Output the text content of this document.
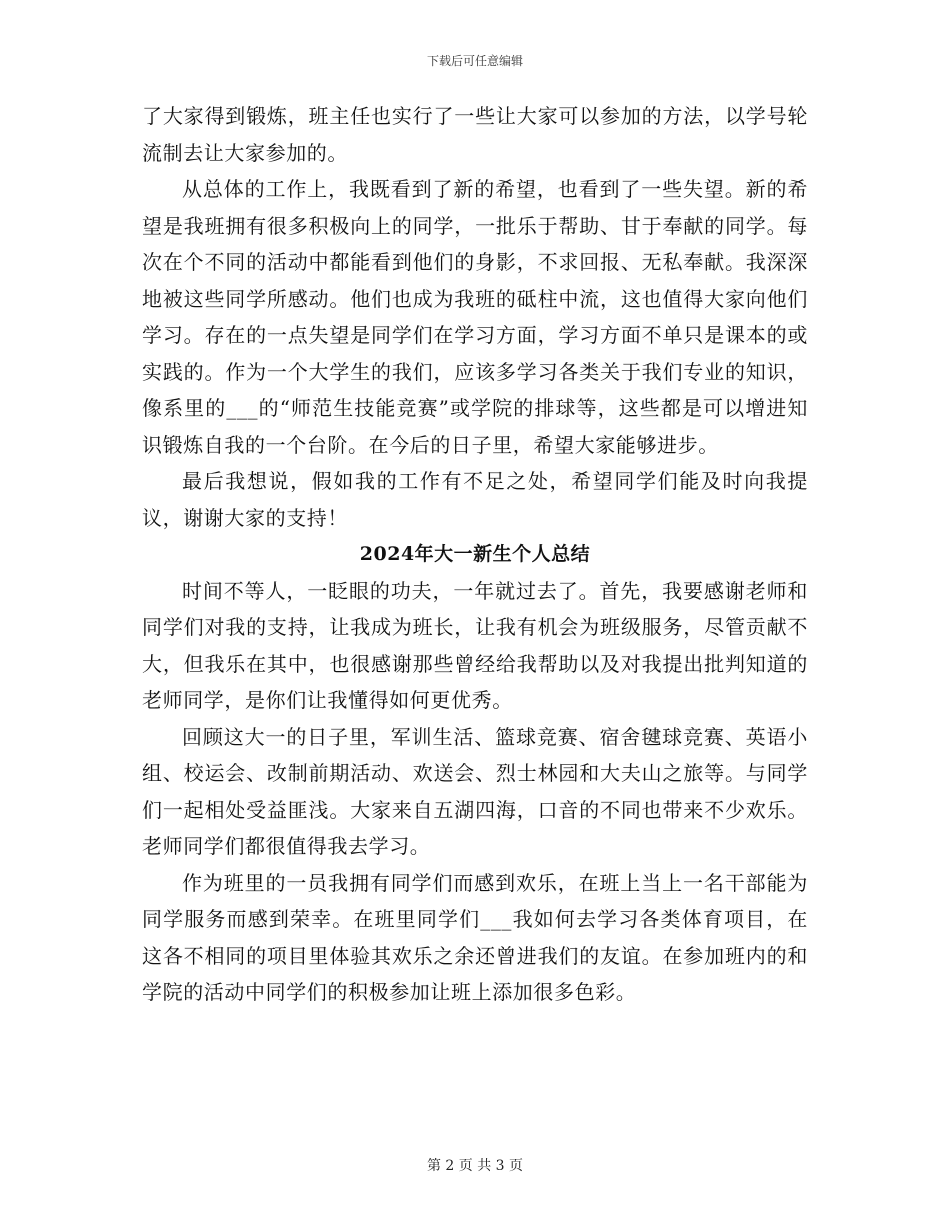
下载后可任意编辑

了大家得到锻炼，班主任也实行了一些让大家可以参加的方法，以学号轮流制去让大家参加的。

从总体的工作上，我既看到了新的希望，也看到了一些失望。新的希望是我班拥有很多积极向上的同学，一批乐于帮助、甘于奉献的同学。每次在个不同的活动中都能看到他们的身影，不求回报、无私奉献。我深深地被这些同学所感动。他们也成为我班的砥柱中流，这也值得大家向他们学习。存在的一点失望是同学们在学习方面，学习方面不单只是课本的或实践的。作为一个大学生的我们，应该多学习各类关于我们专业的知识，像系里的___的“师范生技能竞赛”或学院的排球等，这些都是可以增进知识锻炼自我的一个台阶。在今后的日子里，希望大家能够进步。

最后我想说，假如我的工作有不足之处，希望同学们能及时向我提议，谢谢大家的支持！

2024年大一新生个人总结

时间不等人，一眨眼的功夫，一年就过去了。首先，我要感谢老师和同学们对我的支持，让我成为班长，让我有机会为班级服务，尽管贡献不大，但我乐在其中，也很感谢那些曾经给我帮助以及对我提出批判知道的老师同学，是你们让我懂得如何更优秀。

回顾这大一的日子里，军训生活、篮球竞赛、宿舍毽球竞赛、英语小组、校运会、改制前期活动、欢送会、烈士林园和大夫山之旅等。与同学们一起相处受益匪浅。大家来自五湖四海，口音的不同也带来不少欢乐。老师同学们都很值得我去学习。

作为班里的一员我拥有同学们而感到欢乐，在班上当上一名干部能为同学服务而感到荣幸。在班里同学们___我如何去学习各类体育项目，在这各不相同的项目里体验其欢乐之余还曾进我们的友谊。在参加班内的和学院的活动中同学们的积极参加让班上添加很多色彩。

第 2 页 共 3 页
